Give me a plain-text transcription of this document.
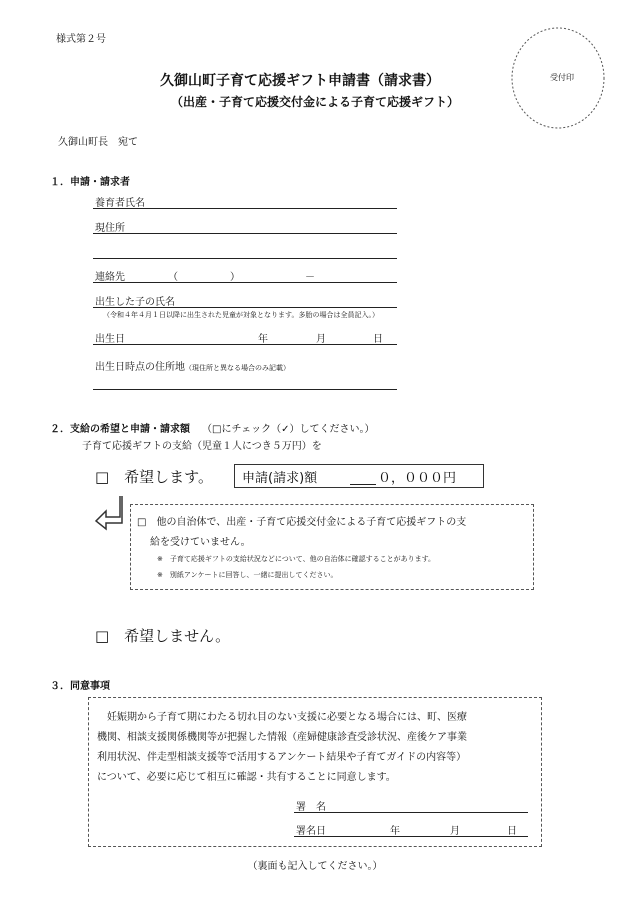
様式第２号
受付印
久御山町子育て応援ギフト申請書（請求書）
（出産・子育て応援交付金による子育て応援ギフト）
久御山町長　宛て
１．申請・請求者
養育者氏名
現住所
連絡先	（	）	－
出生した子の氏名
（令和４年４月１日以降に出生された児童が対象となります。多胎の場合は全員記入。）
出生日	年	月	日
出生日時点の住所地（現住所と異なる場合のみ記載）
２．支給の希望と申請・請求額 （□にチェック（✓）してください。）
子育て応援ギフトの支給（児童１人につき５万円）を
□　希望します。 申請(請求)額	０，０００円
□　他の自治体で、出産・子育て応援交付金による子育て応援ギフトの支
給を受けていません。
※　子育て応援ギフトの支給状況などについて、他の自治体に確認することがあります。
※　別紙アンケートに回答し、一緒に提出してください。
□　希望しません。
３．同意事項
　妊娠期から子育て期にわたる切れ目のない支援に必要となる場合には、町、医療
機関、相談支援関係機関等が把握した情報（産婦健康診査受診状況、産後ケア事業
利用状況、伴走型相談支援等で活用するアンケート結果や子育てガイドの内容等）
について、必要に応じて相互に確認・共有することに同意します。
署　名
署名日	年	月	日
（裏面も記入してください。）
